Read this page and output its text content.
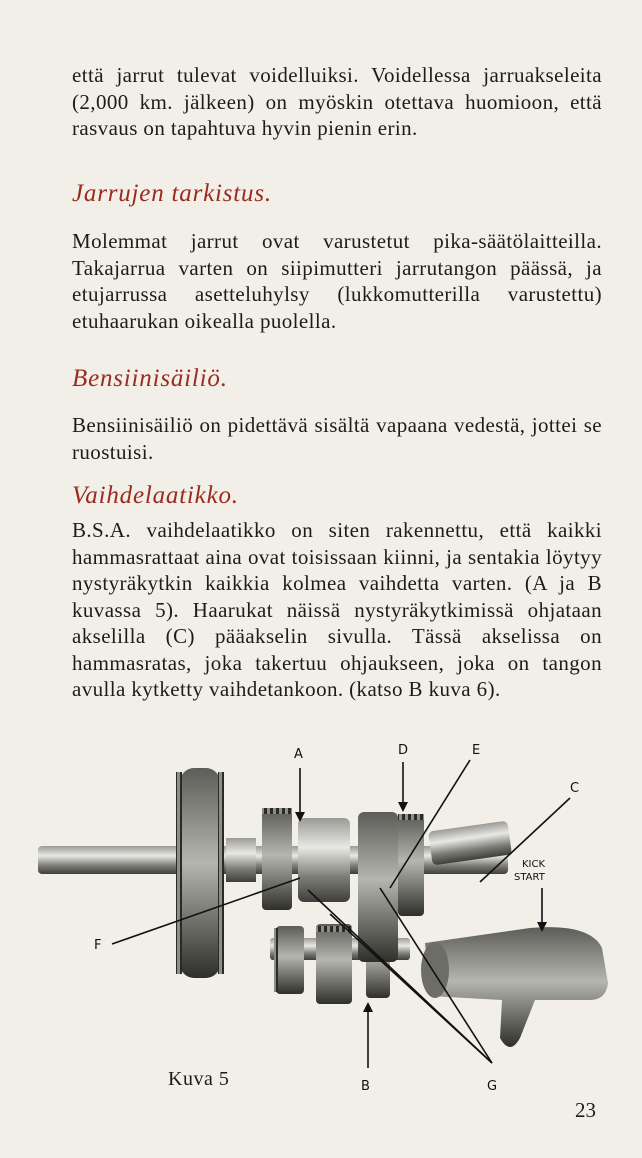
että jarrut tulevat voidelluiksi. Voidellessa jarruakseleita (2,000 km. jälkeen) on myöskin otettava huomioon, että rasvaus on tapahtuva hyvin pienin erin.

Jarrujen tarkistus.

Molemmat jarrut ovat varustetut pika-säätölaitteilla. Takajarrua varten on siipimutteri jarrutangon päässä, ja etujarrussa asetteluhylsy (lukkomutterilla varustettu) etuhaarukan oikealla puolella.

Bensiinisäiliö.

Bensiinisäiliö on pidettävä sisältä vapaana vedestä, jottei se ruostuisi.

Vaihdelaatikko.

B.S.A. vaihdelaatikko on siten rakennettu, että kaikki hammasrattaat aina ovat toisissaan kiinni, ja sentakia löytyy nystyräkytkin kaikkia kolmea vaihdetta varten. (A ja B kuvassa 5). Haarukat näissä nystyräkytkimissä ohjataan akselilla (C) pääakselin sivulla. Tässä akselissa on hammasratas, joka takertuu ohjaukseen, joka on tangon avulla kytketty vaihdetankoon. (katso B kuva 6).

A	D	E
C
KICK
START
F
B	G
Kuva 5
23
